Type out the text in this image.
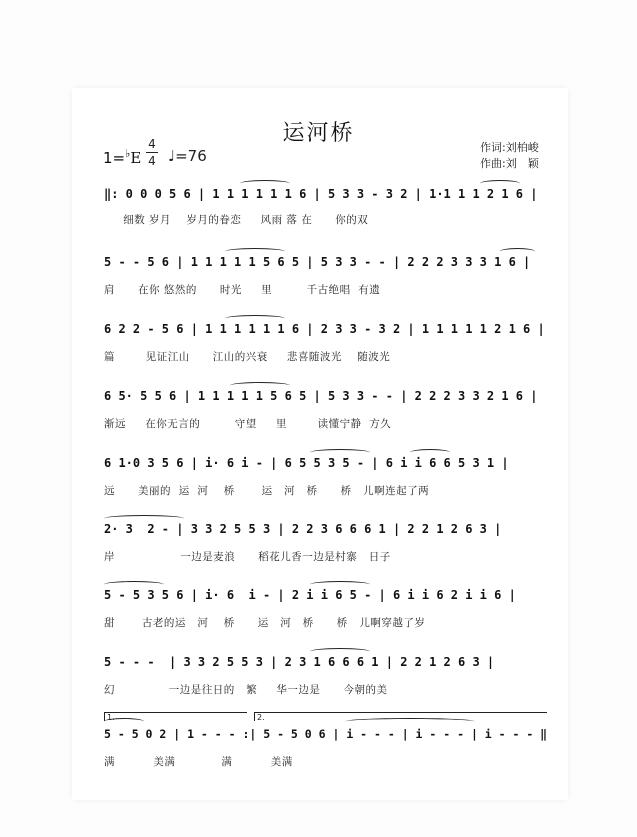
运河桥
1=♭E
4
4 ♩=76	作词:刘柏峻
作曲:刘　颖
‖: 0 0 0 5 6 | 1 1 1 1 1 1 6 | 5 3 3 - 3 2 | 1·1 1 1 2 1 6 |
细数 岁月    岁月的眷恋     风雨 落 在      你的双
5 - - 5 6 | 1 1 1 1 1 5 6 5 | 5 3 3 - - | 2 2 2 3 3 3 1 6 |
肩      在你 悠然的      时光     里         千古绝唱  有遗
6 2 2 - 5 6 | 1 1 1 1 1 1 6 | 2 3 3 - 3 2 | 1 1 1 1 1 2 1 6 |
篇        见证江山      江山的兴衰     悲喜随波光    随波光
6 5· 5 5 6 | 1 1 1 1 1 5 6 5 | 5 3 3 - - | 2 2 2 3 3 2 1 6 |
渐远     在你无言的         守望     里        读懂宁静  方久
6 1·0 3 5 6 | i· 6 i - | 6 5 5 3 5 - | 6 i i 6 6 5 3 1 |
远      美丽的  运  河    桥       运   河   桥      桥   儿啊连起了两
2· 3  2 - | 3 3 2 5 5 3 | 2 2 3 6 6 6 1 | 2 2 1 2 6 3 |
岸                 一边是麦浪      稻花儿香一边是村寨   日子
5 - 5 3 5 6 | i· 6  i - | 2 i i 6 5 - | 6 i i 6 2 i i 6 |
甜       古老的运   河    桥      运   河   桥      桥   儿啊穿越了岁
5 - - -  | 3 3 2 5 5 3 | 2 3 1 6 6 6 1 | 2 2 1 2 6 3 |
幻              一边是往日的   繁     华一边是      今朝的美
1.	2.
5 - 5 0 2 | 1 - - - :| 5 - 5 0 6 | i - - - | i - - - | i - - - ‖
满          美满            满          美满
